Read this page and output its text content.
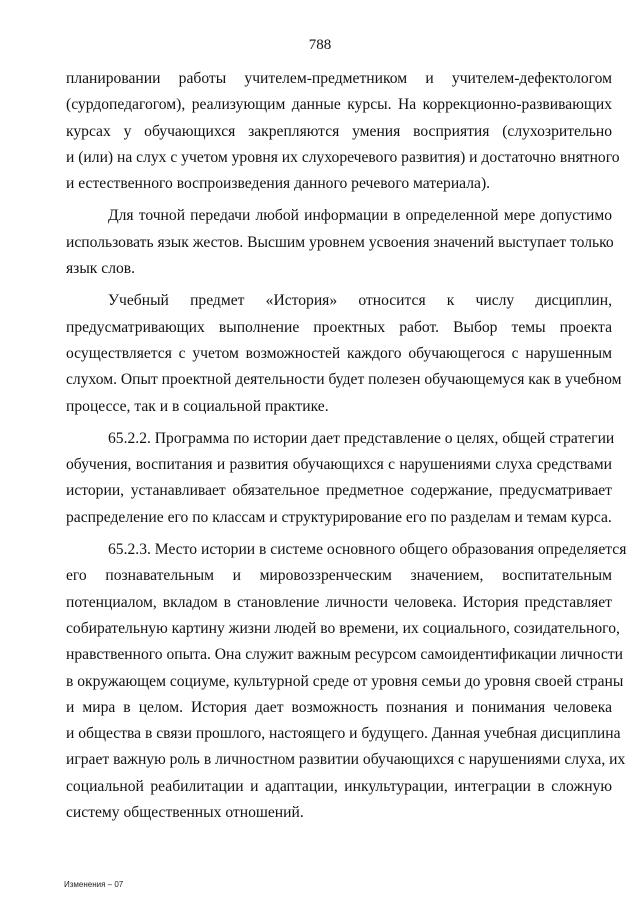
788
планировании работы учителем-предметником и учителем-дефектологом
(сурдопедагогом), реализующим данные курсы. На коррекционно-развивающих
курсах у обучающихся закрепляются умения восприятия (слухозрительно
и (или) на слух с учетом уровня их слухоречевого развития) и достаточно внятного
и естественного воспроизведения данного речевого материала).
Для точной передачи любой информации в определенной мере допустимо
использовать язык жестов. Высшим уровнем усвоения значений выступает только
язык слов.
Учебный предмет «История» относится к числу дисциплин,
предусматривающих выполнение проектных работ. Выбор темы проекта
осуществляется с учетом возможностей каждого обучающегося с нарушенным
слухом. Опыт проектной деятельности будет полезен обучающемуся как в учебном
процессе, так и в социальной практике.
65.2.2. Программа по истории дает представление о целях, общей стратегии
обучения, воспитания и развития обучающихся с нарушениями слуха средствами
истории, устанавливает обязательное предметное содержание, предусматривает
распределение его по классам и структурирование его по разделам и темам курса.
65.2.3. Место истории в системе основного общего образования определяется
его познавательным и мировоззренческим значением, воспитательным
потенциалом, вкладом в становление личности человека. История представляет
собирательную картину жизни людей во времени, их социального, созидательного,
нравственного опыта. Она служит важным ресурсом самоидентификации личности
в окружающем социуме, культурной среде от уровня семьи до уровня своей страны
и мира в целом. История дает возможность познания и понимания человека
и общества в связи прошлого, настоящего и будущего. Данная учебная дисциплина
играет важную роль в личностном развитии обучающихся с нарушениями слуха, их
социальной реабилитации и адаптации, инкультурации, интеграции в сложную
систему общественных отношений.
Изменения – 07
